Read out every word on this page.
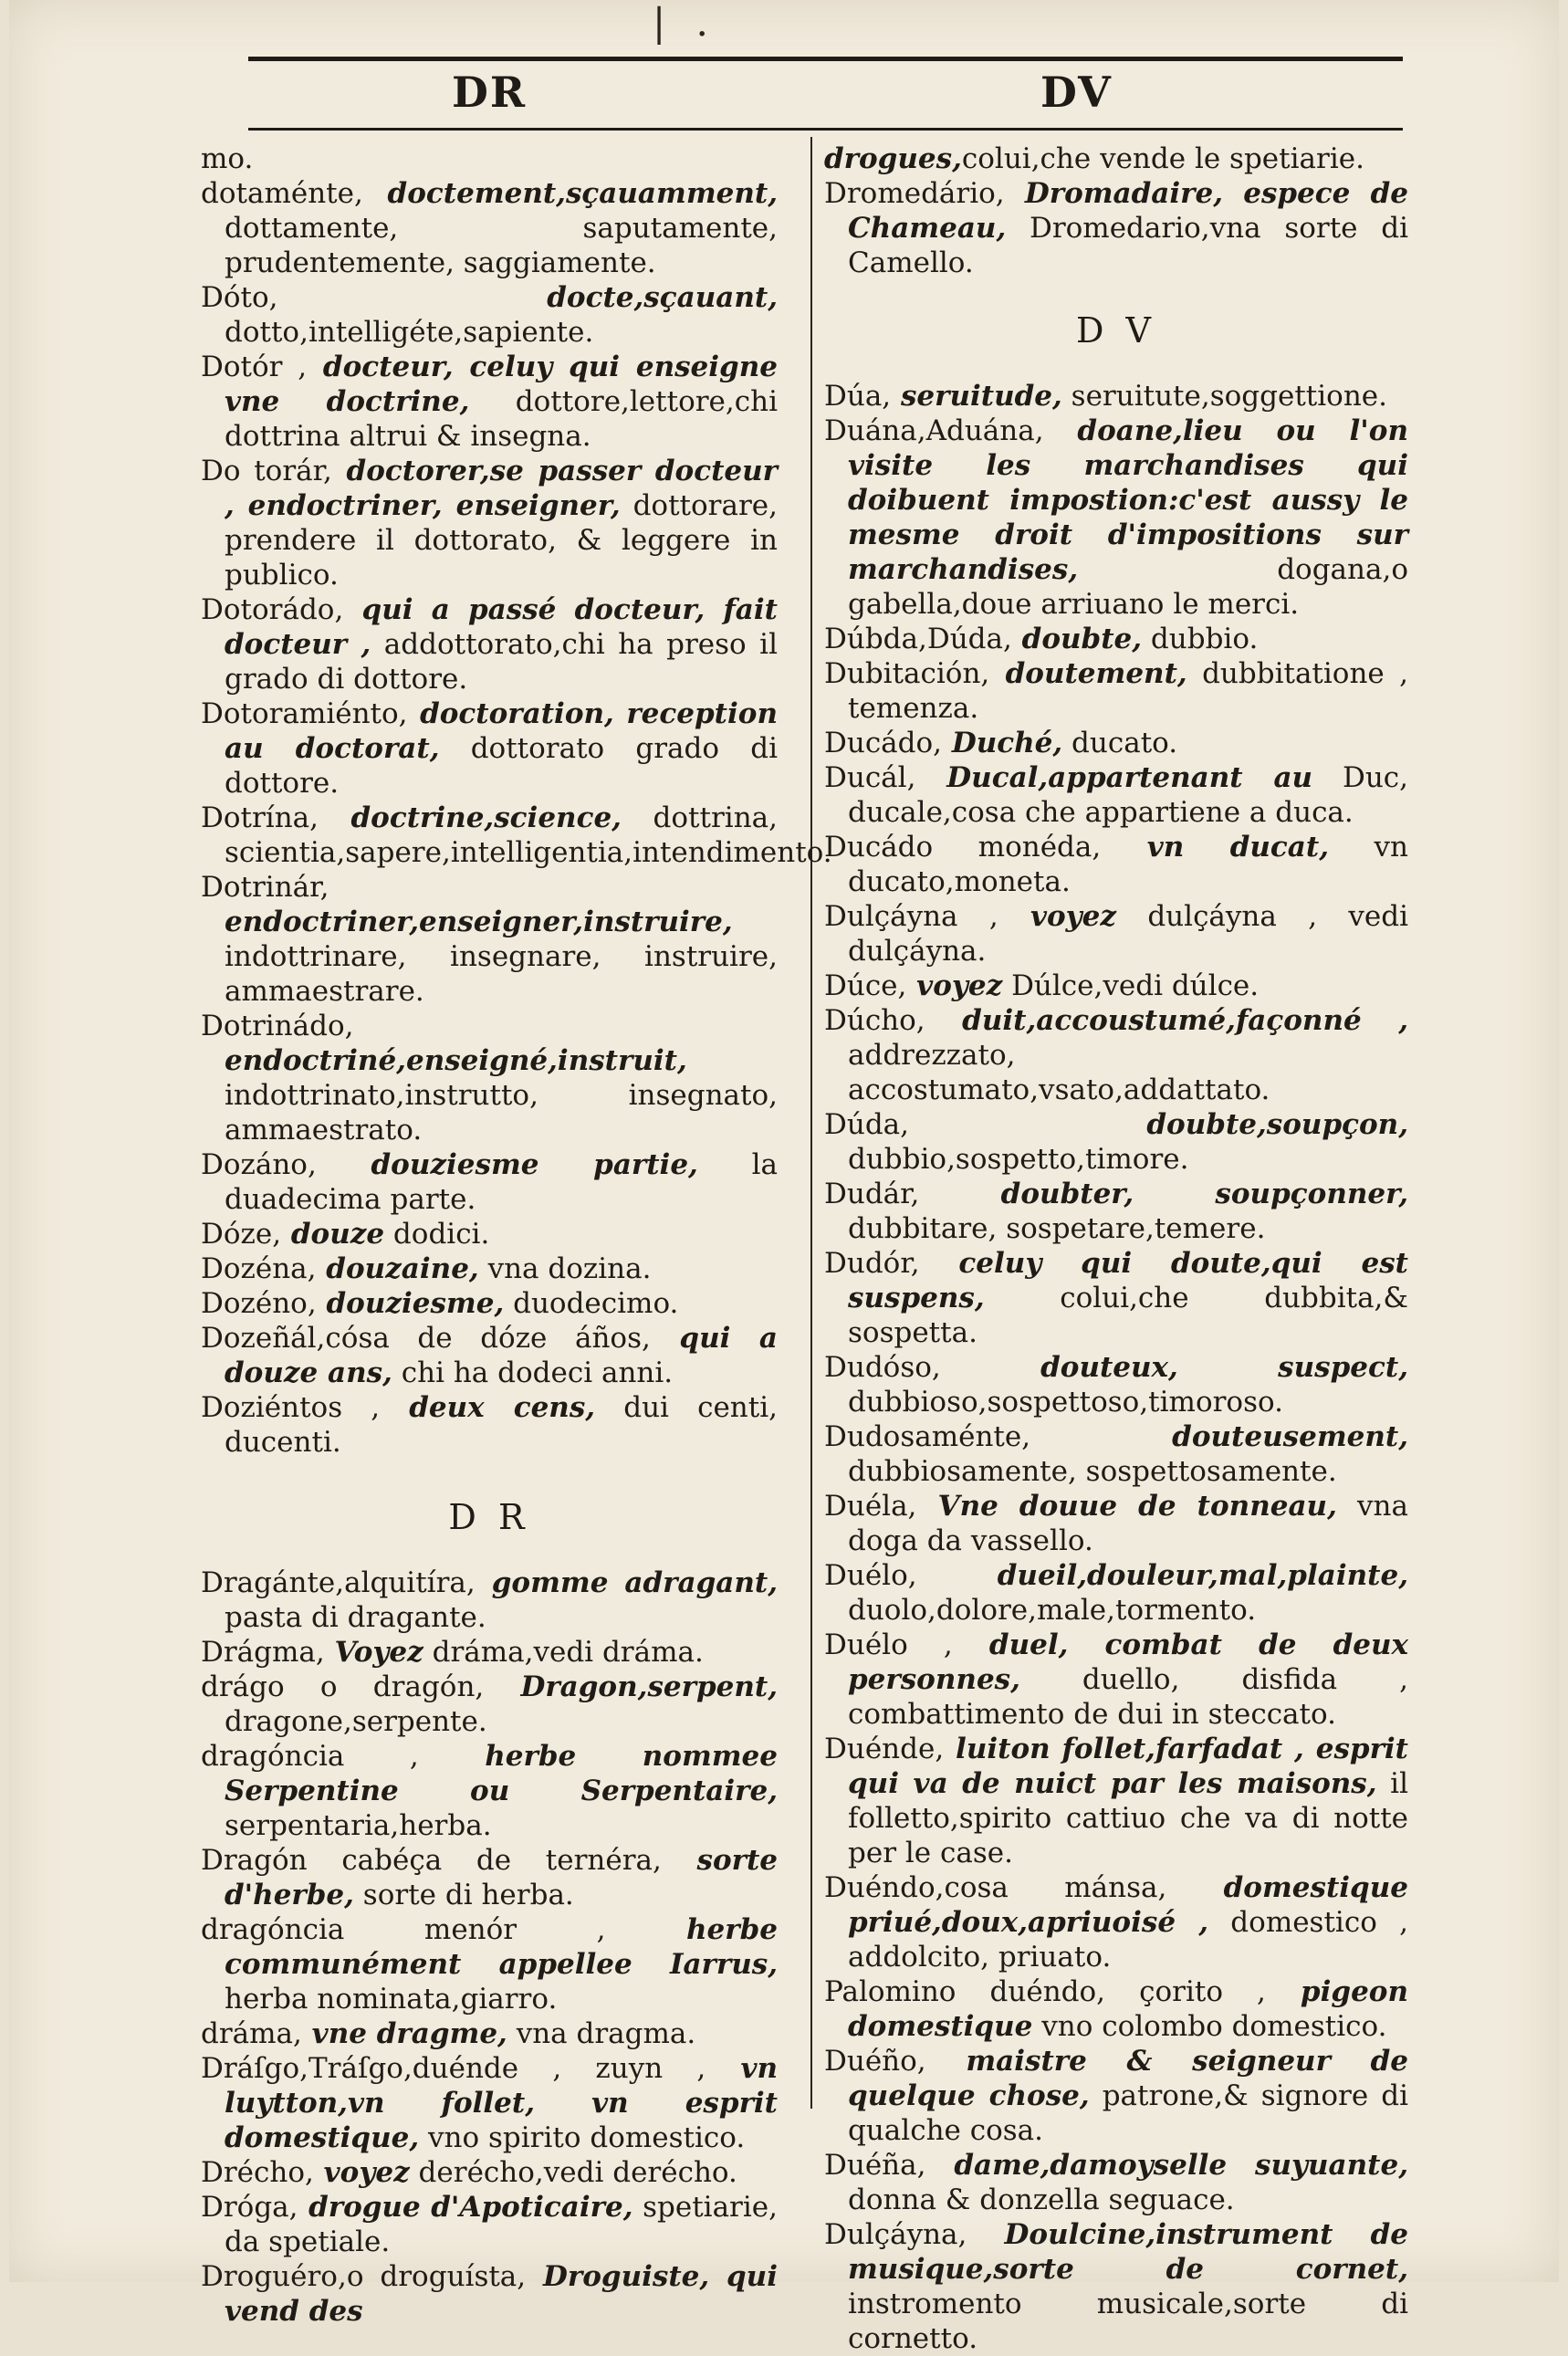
| .
DR	DV

mo.

dotaménte, doctement,sçauamment, dottamente, saputamente, prudentemente, saggiamente.

Dóto, docte,sçauant, dotto,intelligéte,sapiente.

Dotór , docteur, celuy qui enseigne vne doctrine, dottore,lettore,chi dottrina altrui & insegna.

Do torár, doctorer,se passer docteur , endoctriner, enseigner, dottorare, prendere il dottorato, & leggere in publico.

Dotorádo, qui a passé docteur, fait docteur , addottorato,chi ha preso il grado di dottore.

Dotoramiénto, doctoration, reception au doctorat, dottorato grado di dottore.

Dotrína, doctrine,science, dottrina, scientia,sapere,intelligentia,intendimento.

Dotrinár, endoctriner,enseigner,instruire, indottrinare, insegnare, instruire, ammaestrare.

Dotrinádo, endoctriné,enseigné,instruit, indottrinato,instrutto, insegnato, ammaestrato.

Dozáno, douziesme partie, la duadecima parte.

Dóze, douze dodici.

Dozéna, douzaine, vna dozina.

Dozéno, douziesme, duodecimo.

Dozeñál,cósa de dóze áños, qui a douze ans, chi ha dodeci anni.

Doziéntos , deux cens, dui centi, ducenti.

D R

Dragánte,alquitíra, gomme adragant, pasta di dragante.

Drágma, Voyez dráma,vedi dráma.

drágo o dragón, Dragon,serpent, dragone,serpente.

dragóncia , herbe nommee Serpentine ou Serpentaire, serpentaria,herba.

Dragón cabéça de ternéra, sorte d'herbe, sorte di herba.

dragóncia menór , herbe communément appellee Iarrus, herba nominata,giarro.

dráma, vne dragme, vna dragma.

Dráſgo,Tráſgo,duénde , zuyn , vn luytton,vn follet, vn esprit domestique, vno spirito domestico.

Drécho, voyez derécho,vedi derécho.

Dróga, drogue d'Apoticaire, spetiarie, da spetiale.

Droguéro,o droguísta, Droguiste, qui vend des

drogues,colui,che vende le spetiarie.

Dromedário, Dromadaire, espece de Chameau, Dromedario,vna sorte di Camello.

D V

Dúa, seruitude, seruitute,soggettione.

Duána,Aduána, doane,lieu ou l'on visite les marchandises qui doibuent impostion:c'est aussy le mesme droit d'impositions sur marchandises, dogana,o gabella,doue arriuano le merci.

Dúbda,Dúda, doubte, dubbio.

Dubitación, doutement, dubbitatione , temenza.

Ducádo, Duché, ducato.

Ducál, Ducal,appartenant au Duc, ducale,cosa che appartiene a duca.

Ducádo monéda, vn ducat, vn ducato,moneta.

Dulçáyna , voyez dulçáyna , vedi dulçáyna.

Dúce, voyez Dúlce,vedi dúlce.

Dúcho, duit,accoustumé,façonné , addrezzato, accostumato,vsato,addattato.

Dúda, doubte,soupçon, dubbio,sospetto,timore.

Dudár, doubter, soupçonner, dubbitare, sospetare,temere.

Dudór, celuy qui doute,qui est suspens, colui,che dubbita,& sospetta.

Dudóso, douteux, suspect, dubbioso,sospettoso,timoroso.

Dudosaménte, douteusement, dubbiosamente, sospettosamente.

Duéla, Vne douue de tonneau, vna doga da vassello.

Duélo, dueil,douleur,mal,plainte, duolo,dolore,male,tormento.

Duélo , duel, combat de deux personnes, duello, disfida , combattimento de dui in steccato.

Duénde, luiton follet,farfadat , esprit qui va de nuict par les maisons, il folletto,spirito cattiuo che va di notte per le case.

Duéndo,cosa mánsa, domestique priué,doux,apriuoisé , domestico , addolcito, priuato.

Palomino duéndo, çorito , pigeon domestique vno colombo domestico.

Duéño, maistre & seigneur de quelque chose, patrone,& signore di qualche cosa.

Duéña, dame,damoyselle suyuante, donna & donzella seguace.

Dulçáyna, Doulcine,instrument de musique,sorte de cornet, instromento musicale,sorte di cornetto.
